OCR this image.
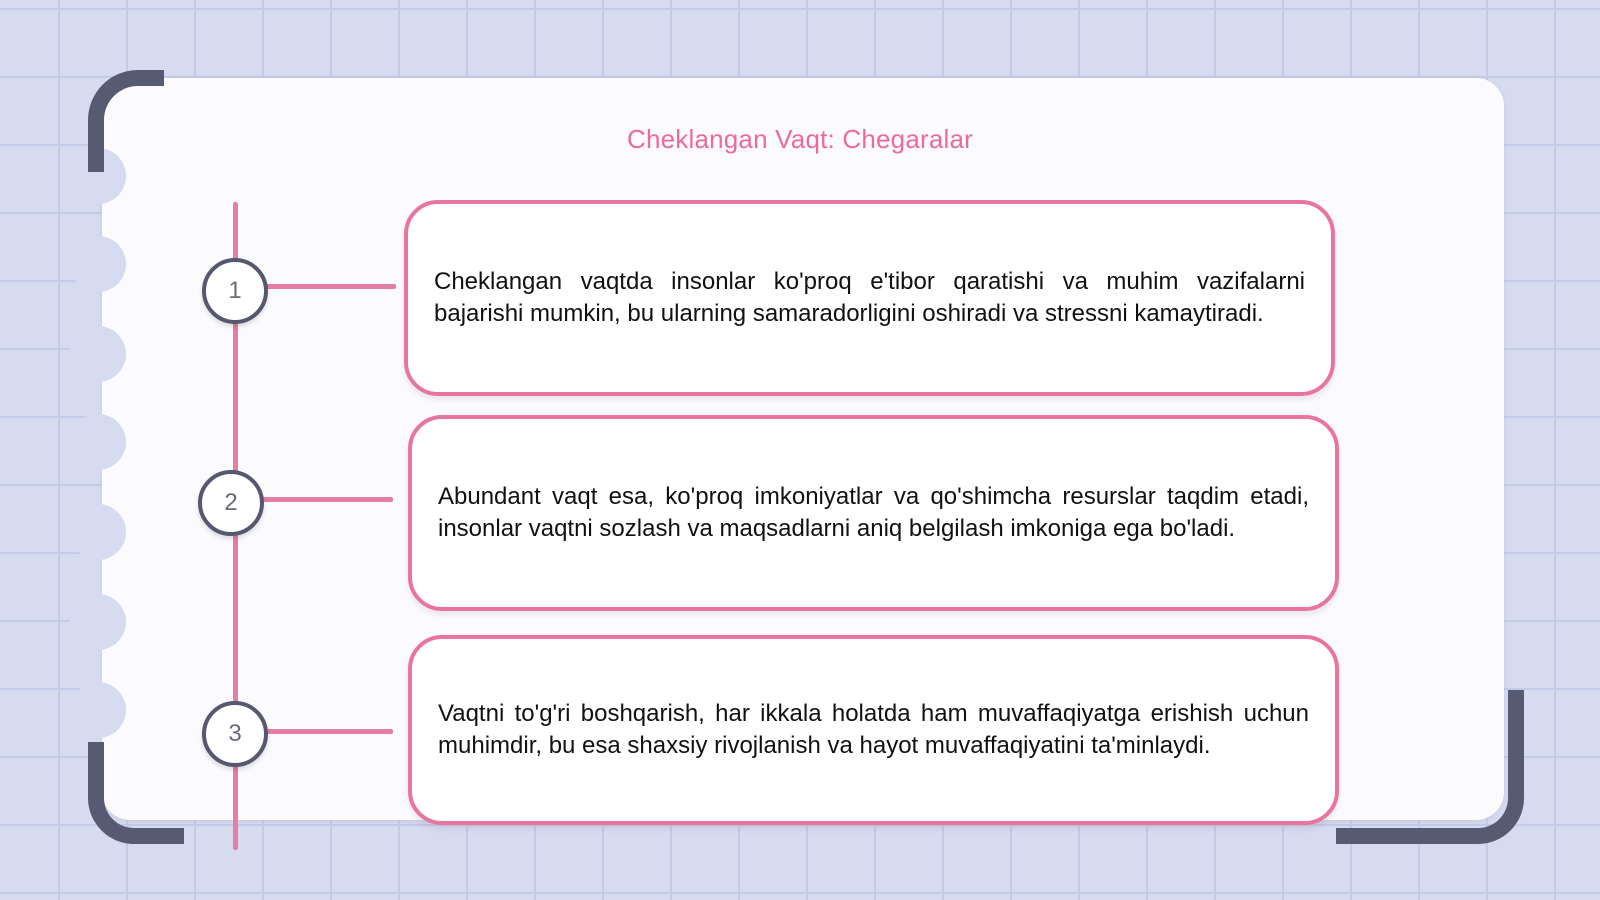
Cheklangan Vaqt: Chegaralar
1
2
3

Cheklangan vaqtda insonlar ko'proq e'tibor qaratishi va muhim vazifalarni bajarishi mumkin, bu ularning samaradorligini oshiradi va stressni kamaytiradi.

Abundant vaqt esa, ko'proq imkoniyatlar va qo'shimcha resurslar taqdim etadi, insonlar vaqtni sozlash va maqsadlarni aniq belgilash imkoniga ega bo'ladi.

Vaqtni to'g'ri boshqarish, har ikkala holatda ham muvaffaqiyatga erishish uchun muhimdir, bu esa shaxsiy rivojlanish va hayot muvaffaqiyatini ta'minlaydi.
